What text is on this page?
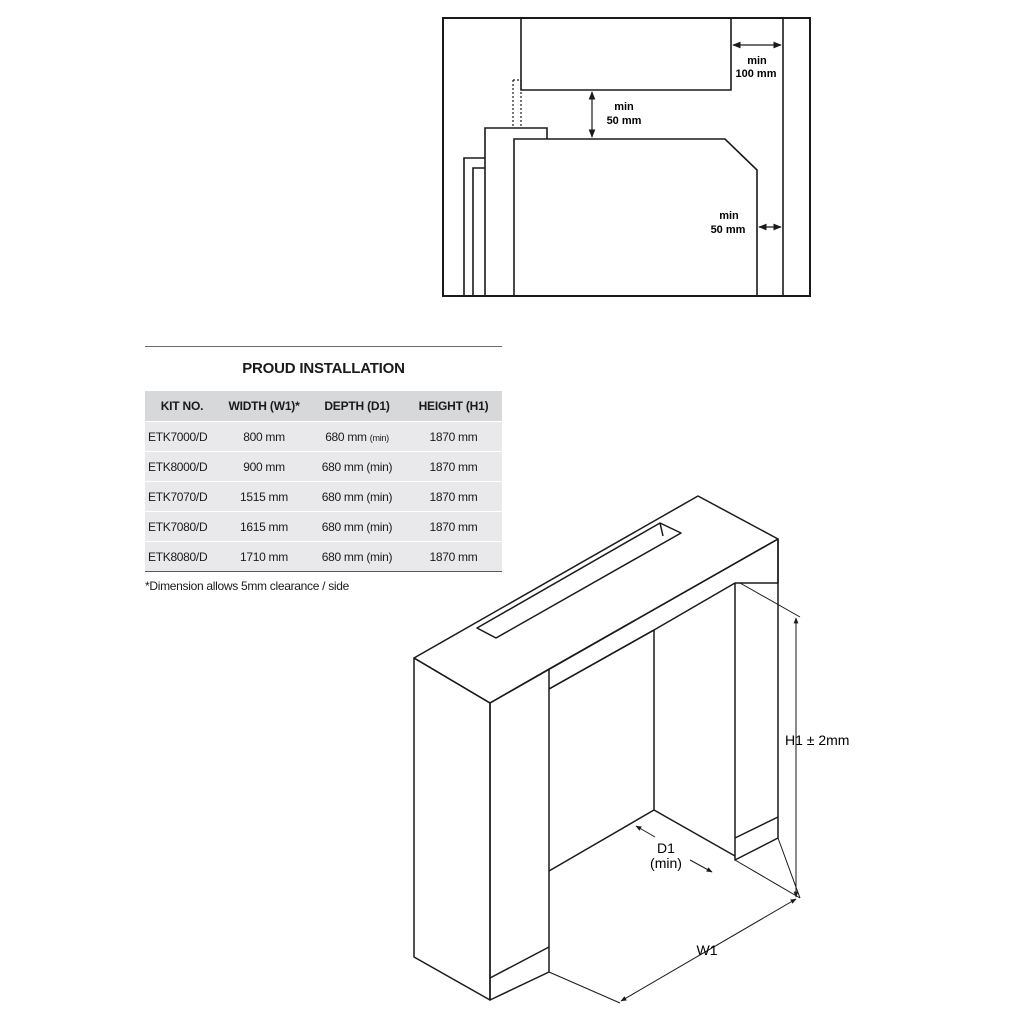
min
100 mm
min
50 mm
min
50 mm
PROUD INSTALLATION
KIT NO.	WIDTH (W1)*	DEPTH (D1)	HEIGHT (H1)
ETK7000/D	800 mm	680 mm (min)	1870 mm
ETK8000/D	900 mm	680 mm (min)	1870 mm
ETK7070/D	1515 mm	680 mm (min)	1870 mm
ETK7080/D	1615 mm	680 mm (min)	1870 mm
ETK8080/D	1710 mm	680 mm (min)	1870 mm
*Dimension allows 5mm clearance / side
H1 ± 2mm
D1
(min)
W1
